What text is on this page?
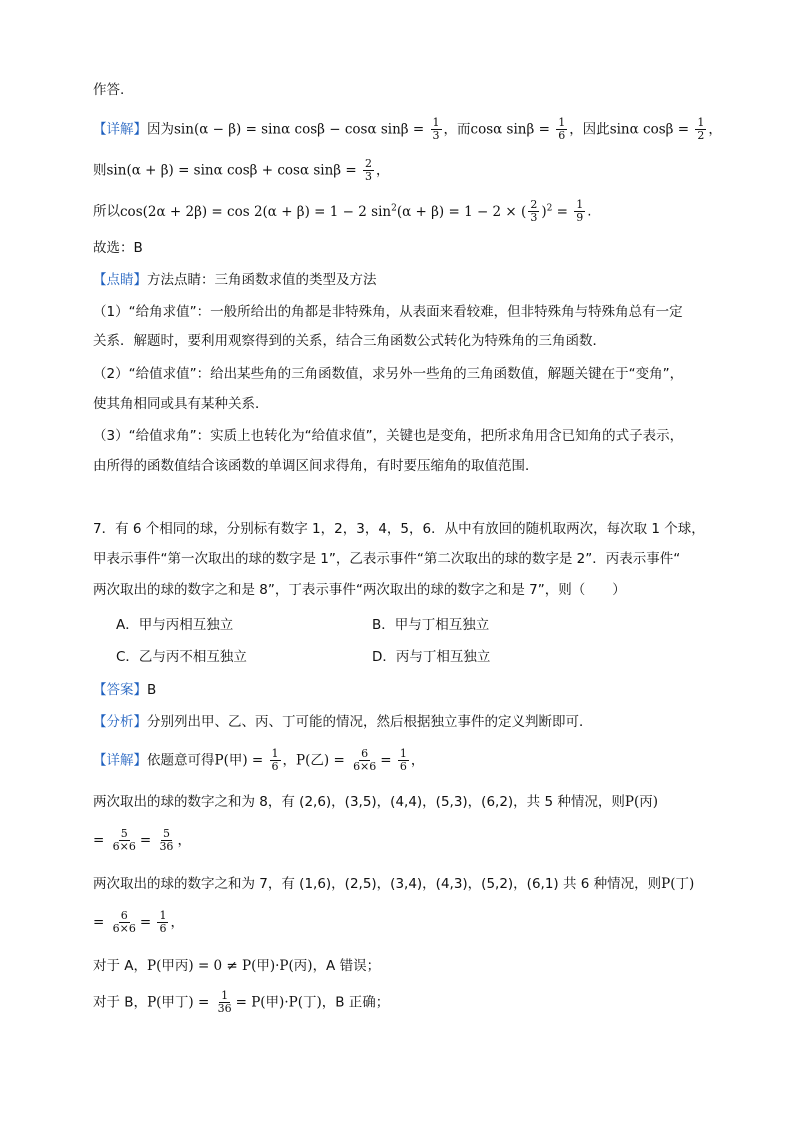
作答.
【详解】因为sin(α − β) = sinα cosβ − cosα $\sin\beta = \frac{1}{3}$ ，而cosα $\sin\beta = \frac{1}{6}$ ，因此sinα $\cos\beta = \frac{1}{2}$ ，
则sin(α + β) = sinα cosβ + cosα $\sin\beta = \frac{2}{3}$ ，
所以cos(2α + 2β) = cos 2(α + β) = 1 − 2 $\sin^2(\alpha + \beta) = 1 - 2$ × ( $\frac{2}{3} )^2 = \frac{1}{9}$ .
故选：B
【点睛】方法点睛：三角函数求值的类型及方法
（1）“给角求值”：一般所给出的角都是非特殊角，从表面来看较难，但非特殊角与特殊角总有一定
关系．解题时，要利用观察得到的关系，结合三角函数公式转化为特殊角的三角函数．
（2）“给值求值”：给出某些角的三角函数值，求另外一些角的三角函数值，解题关键在于“变角”，
使其角相同或具有某种关系．
（3）“给值求角”：实质上也转化为“给值求值”，关键也是变角，把所求角用含已知角的式子表示，
由所得的函数值结合该函数的单调区间求得角，有时要压缩角的取值范围．
7．有 6 个相同的球，分别标有数字 1，2，3，4，5，6．从中有放回的随机取两次，每次取 1 个球，
甲表示事件“第一次取出的球的数字是 1”，乙表示事件“第二次取出的球的数字是 2”．丙表示事件“
两次取出的球的数字之和是 8”，丁表示事件“两次取出的球的数字之和是 7”，则（　　）
A．甲与丙相互独立	B．甲与丁相互独立
C．乙与丙不相互独立	D．丙与丁相互独立
【答案】B
【分析】分别列出甲、乙、丙、丁可能的情况，然后根据独立事件的定义判断即可．
【详解】依题意可得P(甲) = $\frac{1}{6}$ ，P(乙) = $\frac{6}{6\times 6} = \frac{1}{6}$ ，
两次取出的球的数字之和为 8，有 (2,6)，(3,5)，(4,4)，(5,3)，(6,2)，共 5 种情况，则P(丙)
= $\frac{5}{6\times 6} = \frac{5}{36}$ ，
两次取出的球的数字之和为 7，有 (1,6)，(2,5)，(3,4)，(4,3)，(5,2)，(6,1) 共 6 种情况，则P(丁)
= $\frac{6}{6\times 6} = \frac{1}{6}$ ，
对于 A，P(甲丙) = 0 ≠ P(甲)·P(丙)，A 错误；
对于 B，P(甲丁) = $\frac{1}{36} = P$(甲)·P(丁)，B 正确；
